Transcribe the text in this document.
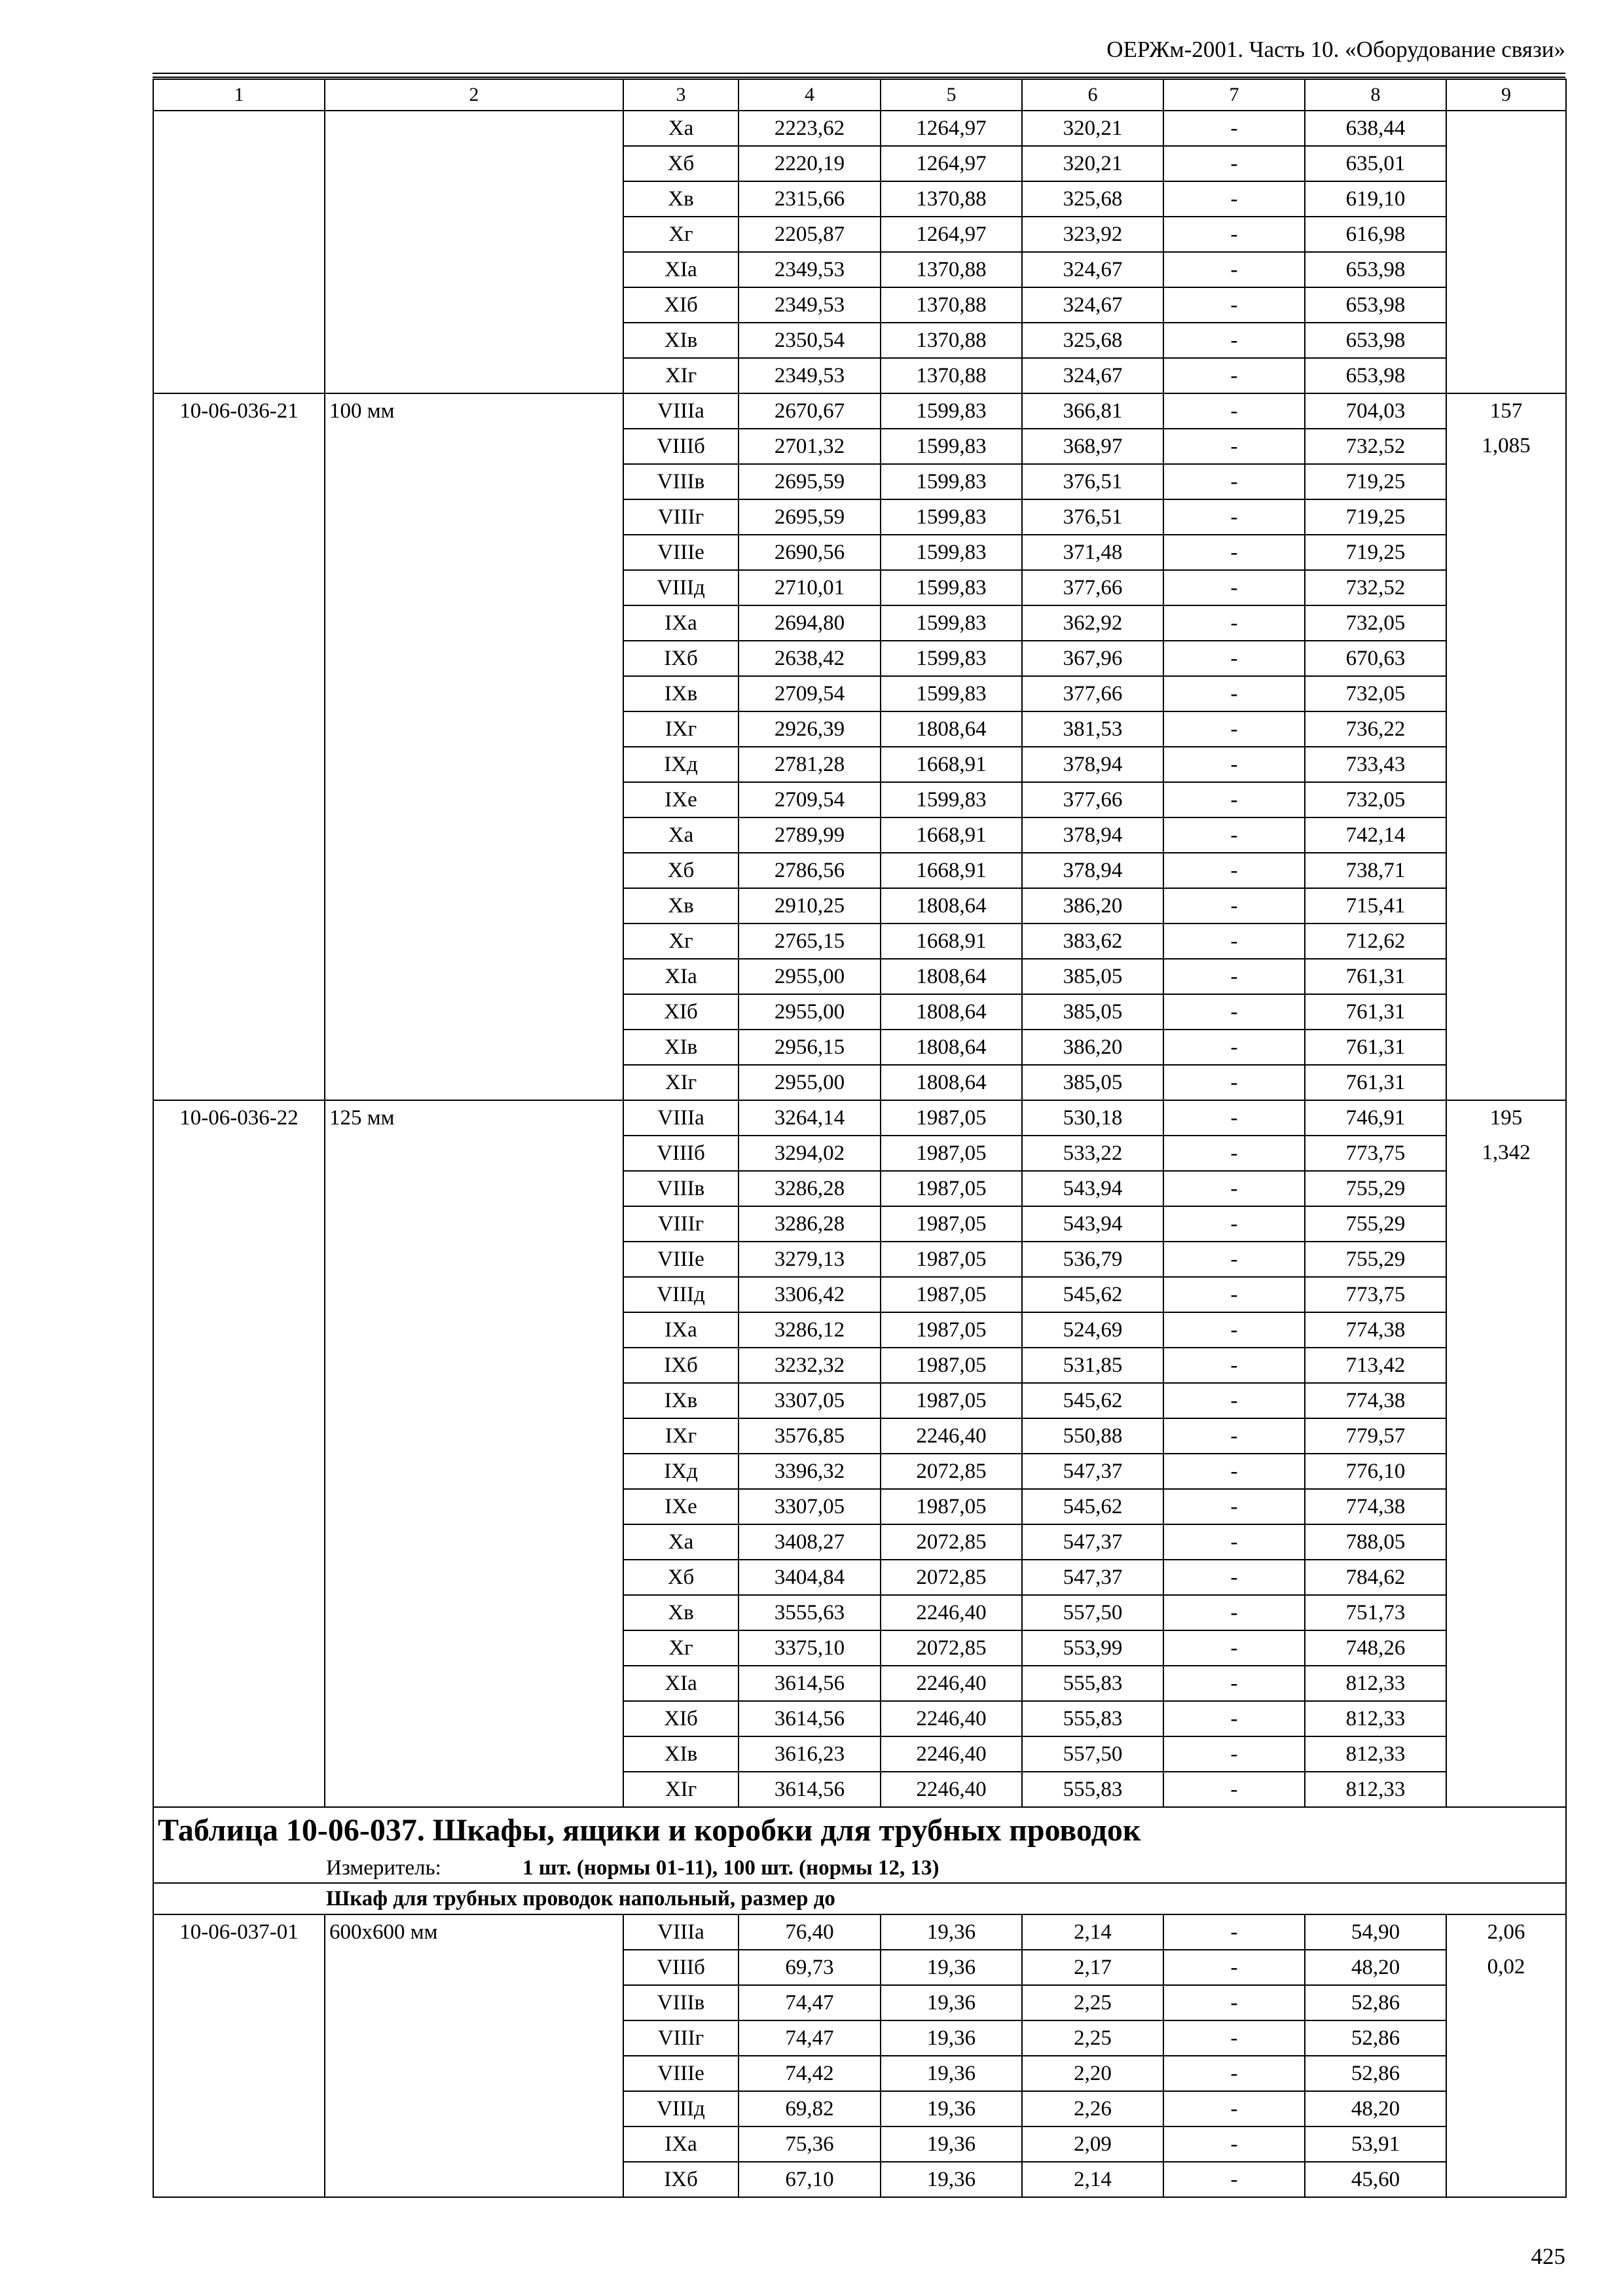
ОЕРЖм-2001. Часть 10. «Оборудование связи»
1	2	3	4	5	6	7	8	9
		Ха	2223,62	1264,97	320,21	-	638,44	
		Хб	2220,19	1264,97	320,21	-	635,01	
		Хв	2315,66	1370,88	325,68	-	619,10	
		Хг	2205,87	1264,97	323,92	-	616,98	
		ХIа	2349,53	1370,88	324,67	-	653,98	
		ХIб	2349,53	1370,88	324,67	-	653,98	
		ХIв	2350,54	1370,88	325,68	-	653,98	
		ХIг	2349,53	1370,88	324,67	-	653,98	
10-06-036-21	100 мм	VIIIа	2670,67	1599,83	366,81	-	704,03	157
		VIIIб	2701,32	1599,83	368,97	-	732,52	1,085
		VIIIв	2695,59	1599,83	376,51	-	719,25	
		VIIIг	2695,59	1599,83	376,51	-	719,25	
		VIIIе	2690,56	1599,83	371,48	-	719,25	
		VIIIд	2710,01	1599,83	377,66	-	732,52	
		IХа	2694,80	1599,83	362,92	-	732,05	
		IХб	2638,42	1599,83	367,96	-	670,63	
		IХв	2709,54	1599,83	377,66	-	732,05	
		IХг	2926,39	1808,64	381,53	-	736,22	
		IХд	2781,28	1668,91	378,94	-	733,43	
		IХе	2709,54	1599,83	377,66	-	732,05	
		Ха	2789,99	1668,91	378,94	-	742,14	
		Хб	2786,56	1668,91	378,94	-	738,71	
		Хв	2910,25	1808,64	386,20	-	715,41	
		Хг	2765,15	1668,91	383,62	-	712,62	
		ХIа	2955,00	1808,64	385,05	-	761,31	
		ХIб	2955,00	1808,64	385,05	-	761,31	
		ХIв	2956,15	1808,64	386,20	-	761,31	
		ХIг	2955,00	1808,64	385,05	-	761,31	
10-06-036-22	125 мм	VIIIа	3264,14	1987,05	530,18	-	746,91	195
		VIIIб	3294,02	1987,05	533,22	-	773,75	1,342
		VIIIв	3286,28	1987,05	543,94	-	755,29	
		VIIIг	3286,28	1987,05	543,94	-	755,29	
		VIIIе	3279,13	1987,05	536,79	-	755,29	
		VIIIд	3306,42	1987,05	545,62	-	773,75	
		IХа	3286,12	1987,05	524,69	-	774,38	
		IХб	3232,32	1987,05	531,85	-	713,42	
		IХв	3307,05	1987,05	545,62	-	774,38	
		IХг	3576,85	2246,40	550,88	-	779,57	
		IХд	3396,32	2072,85	547,37	-	776,10	
		IХе	3307,05	1987,05	545,62	-	774,38	
		Ха	3408,27	2072,85	547,37	-	788,05	
		Хб	3404,84	2072,85	547,37	-	784,62	
		Хв	3555,63	2246,40	557,50	-	751,73	
		Хг	3375,10	2072,85	553,99	-	748,26	
		ХIа	3614,56	2246,40	555,83	-	812,33	
		ХIб	3614,56	2246,40	555,83	-	812,33	
		ХIв	3616,23	2246,40	557,50	-	812,33	
		ХIг	3614,56	2246,40	555,83	-	812,33	
Таблица 10-06-037. Шкафы, ящики и коробки для трубных проводок								
Измеритель: 1 шт. (нормы 01-11), 100 шт. (нормы 12, 13)								
Шкаф для трубных проводок напольный, размер до								
10-06-037-01	600х600 мм	VIIIа	76,40	19,36	2,14	-	54,90	2,06
		VIIIб	69,73	19,36	2,17	-	48,20	0,02
		VIIIв	74,47	19,36	2,25	-	52,86	
		VIIIг	74,47	19,36	2,25	-	52,86	
		VIIIе	74,42	19,36	2,20	-	52,86	
		VIIIд	69,82	19,36	2,26	-	48,20	
		IХа	75,36	19,36	2,09	-	53,91	
		IХб	67,10	19,36	2,14	-	45,60	
425
